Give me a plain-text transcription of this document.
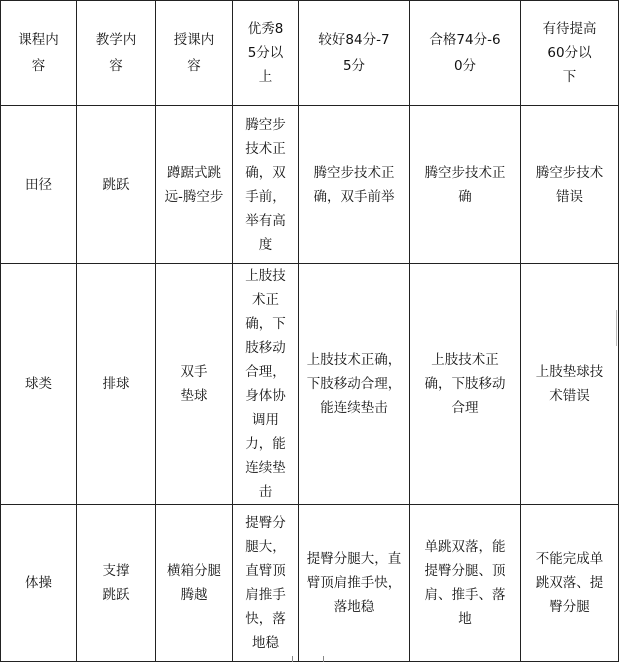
课程内容	教学内容	授课内容	优秀85分以上	较好84分-75分	合格74分-60分	有待提高60分以下

田径	跳跃	蹲踞式跳远-腾空步	腾空步技术正确，双手前，举有高度	腾空步技术正确，双手前举	腾空步技术正确	腾空步技术错误

球类	排球	双手垫球	上肢技术正确，下肢移动合理，身体协调用力，能连续垫击	上肢技术正确，下肢移动合理，能连续垫击	上肢技术正确，下肢移动合理	上肢垫球技术错误

体操	支撑跳跃	横箱分腿腾越	提臀分腿大，直臂顶肩推手快，落地稳	提臀分腿大，直臂顶肩推手快，落地稳	单跳双落，能提臀分腿、顶肩、推手、落地	不能完成单跳双落、提臀分腿
